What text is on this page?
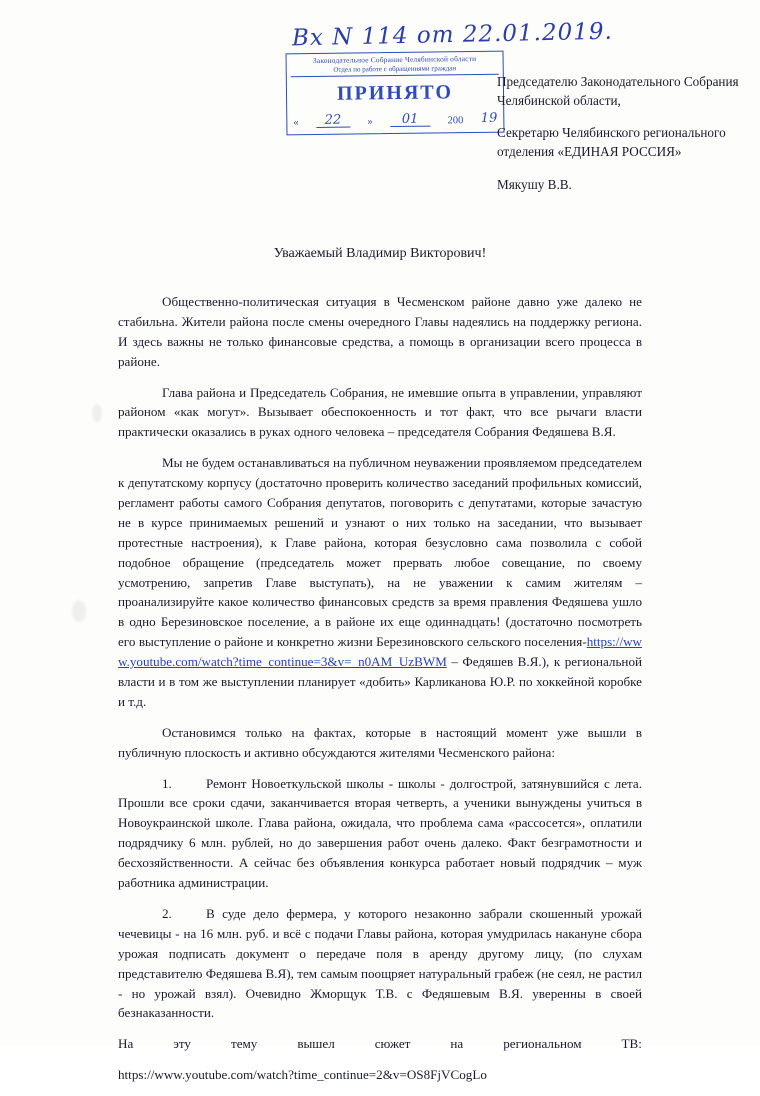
Вх N 114 от 22.01.2019.
Законодательное Собрание Челябинской области
Отдел по работе с обращениями граждан
ПРИНЯТО
«	22	»	01	200 19

Председателю Законодательного Собрания Челябинской области,

Секретарю Челябинского регионального отделения «ЕДИНАЯ РОССИЯ»

Мякушу В.В.

Уважаемый Владимир Викторович!

Общественно-политическая ситуация в Чесменском районе давно уже далеко не стабильна. Жители района после смены очередного Главы надеялись на поддержку региона. И здесь важны не только финансовые средства, а помощь в организации всего процесса в районе.

Глава района и Председатель Собрания, не имевшие опыта в управлении, управляют районом «как могут». Вызывает обеспокоенность и тот факт, что все рычаги власти практически оказались в руках одного человека – председателя Собрания Федяшева В.Я.

Мы не будем останавливаться на публичном неуважении проявляемом председателем к депутатскому корпусу (достаточно проверить количество заседаний профильных комиссий, регламент работы самого Собрания депутатов, поговорить с депутатами, которые зачастую не в курсе принимаемых решений и узнают о них только на заседании, что вызывает протестные настроения), к Главе района, которая безусловно сама позволила с собой подобное обращение (председатель может прервать любое совещание, по своему усмотрению, запретив Главе выступать), на не уважении к самим жителям – проанализируйте какое количество финансовых средств за время правления Федяшева ушло в одно Березиновское поселение, а в районе их еще одиннадцать! (достаточно посмотреть его выступление о районе и конкретно жизни Березиновского сельского поселения-https://www.youtube.com/watch?time_continue=3&v=_n0AM_UzBWM – Федяшев В.Я.), к региональной власти и в том же выступлении планирует «добить» Карликанова Ю.Р. по хоккейной коробке и т.д.

Остановимся только на фактах, которые в настоящий момент уже вышли в публичную плоскость и активно обсуждаются жителями Чесменского района:

1.	Ремонт Новоеткульской школы - школы - долгострой, затянувшийся с лета. Прошли все сроки сдачи, заканчивается вторая четверть, а ученики вынуждены учиться в Новоукраинской школе. Глава района, ожидала, что проблема сама «рассосется», оплатили подрядчику 6 млн. рублей, но до завершения работ очень далеко. Факт безграмотности и бесхозяйственности. А сейчас без объявления конкурса работает новый подрядчик – муж работника администрации.

2.	В суде дело фермера, у которого незаконно забрали скошенный урожай чечевицы - на 16 млн. руб. и всё с подачи Главы района, которая умудрилась накануне сбора урожая подписать документ о передаче поля в аренду другому лицу, (по слухам представителю Федяшева В.Я), тем самым поощряет натуральный грабеж (не сеял, не растил - но урожай взял). Очевидно Жморщук Т.В. с Федяшевым В.Я. уверенны в своей безнаказанности.

На	эту	тему	вышел	сюжет	на	региональном	ТВ:

https://www.youtube.com/watch?time_continue=2&v=OS8FjVCogLo
